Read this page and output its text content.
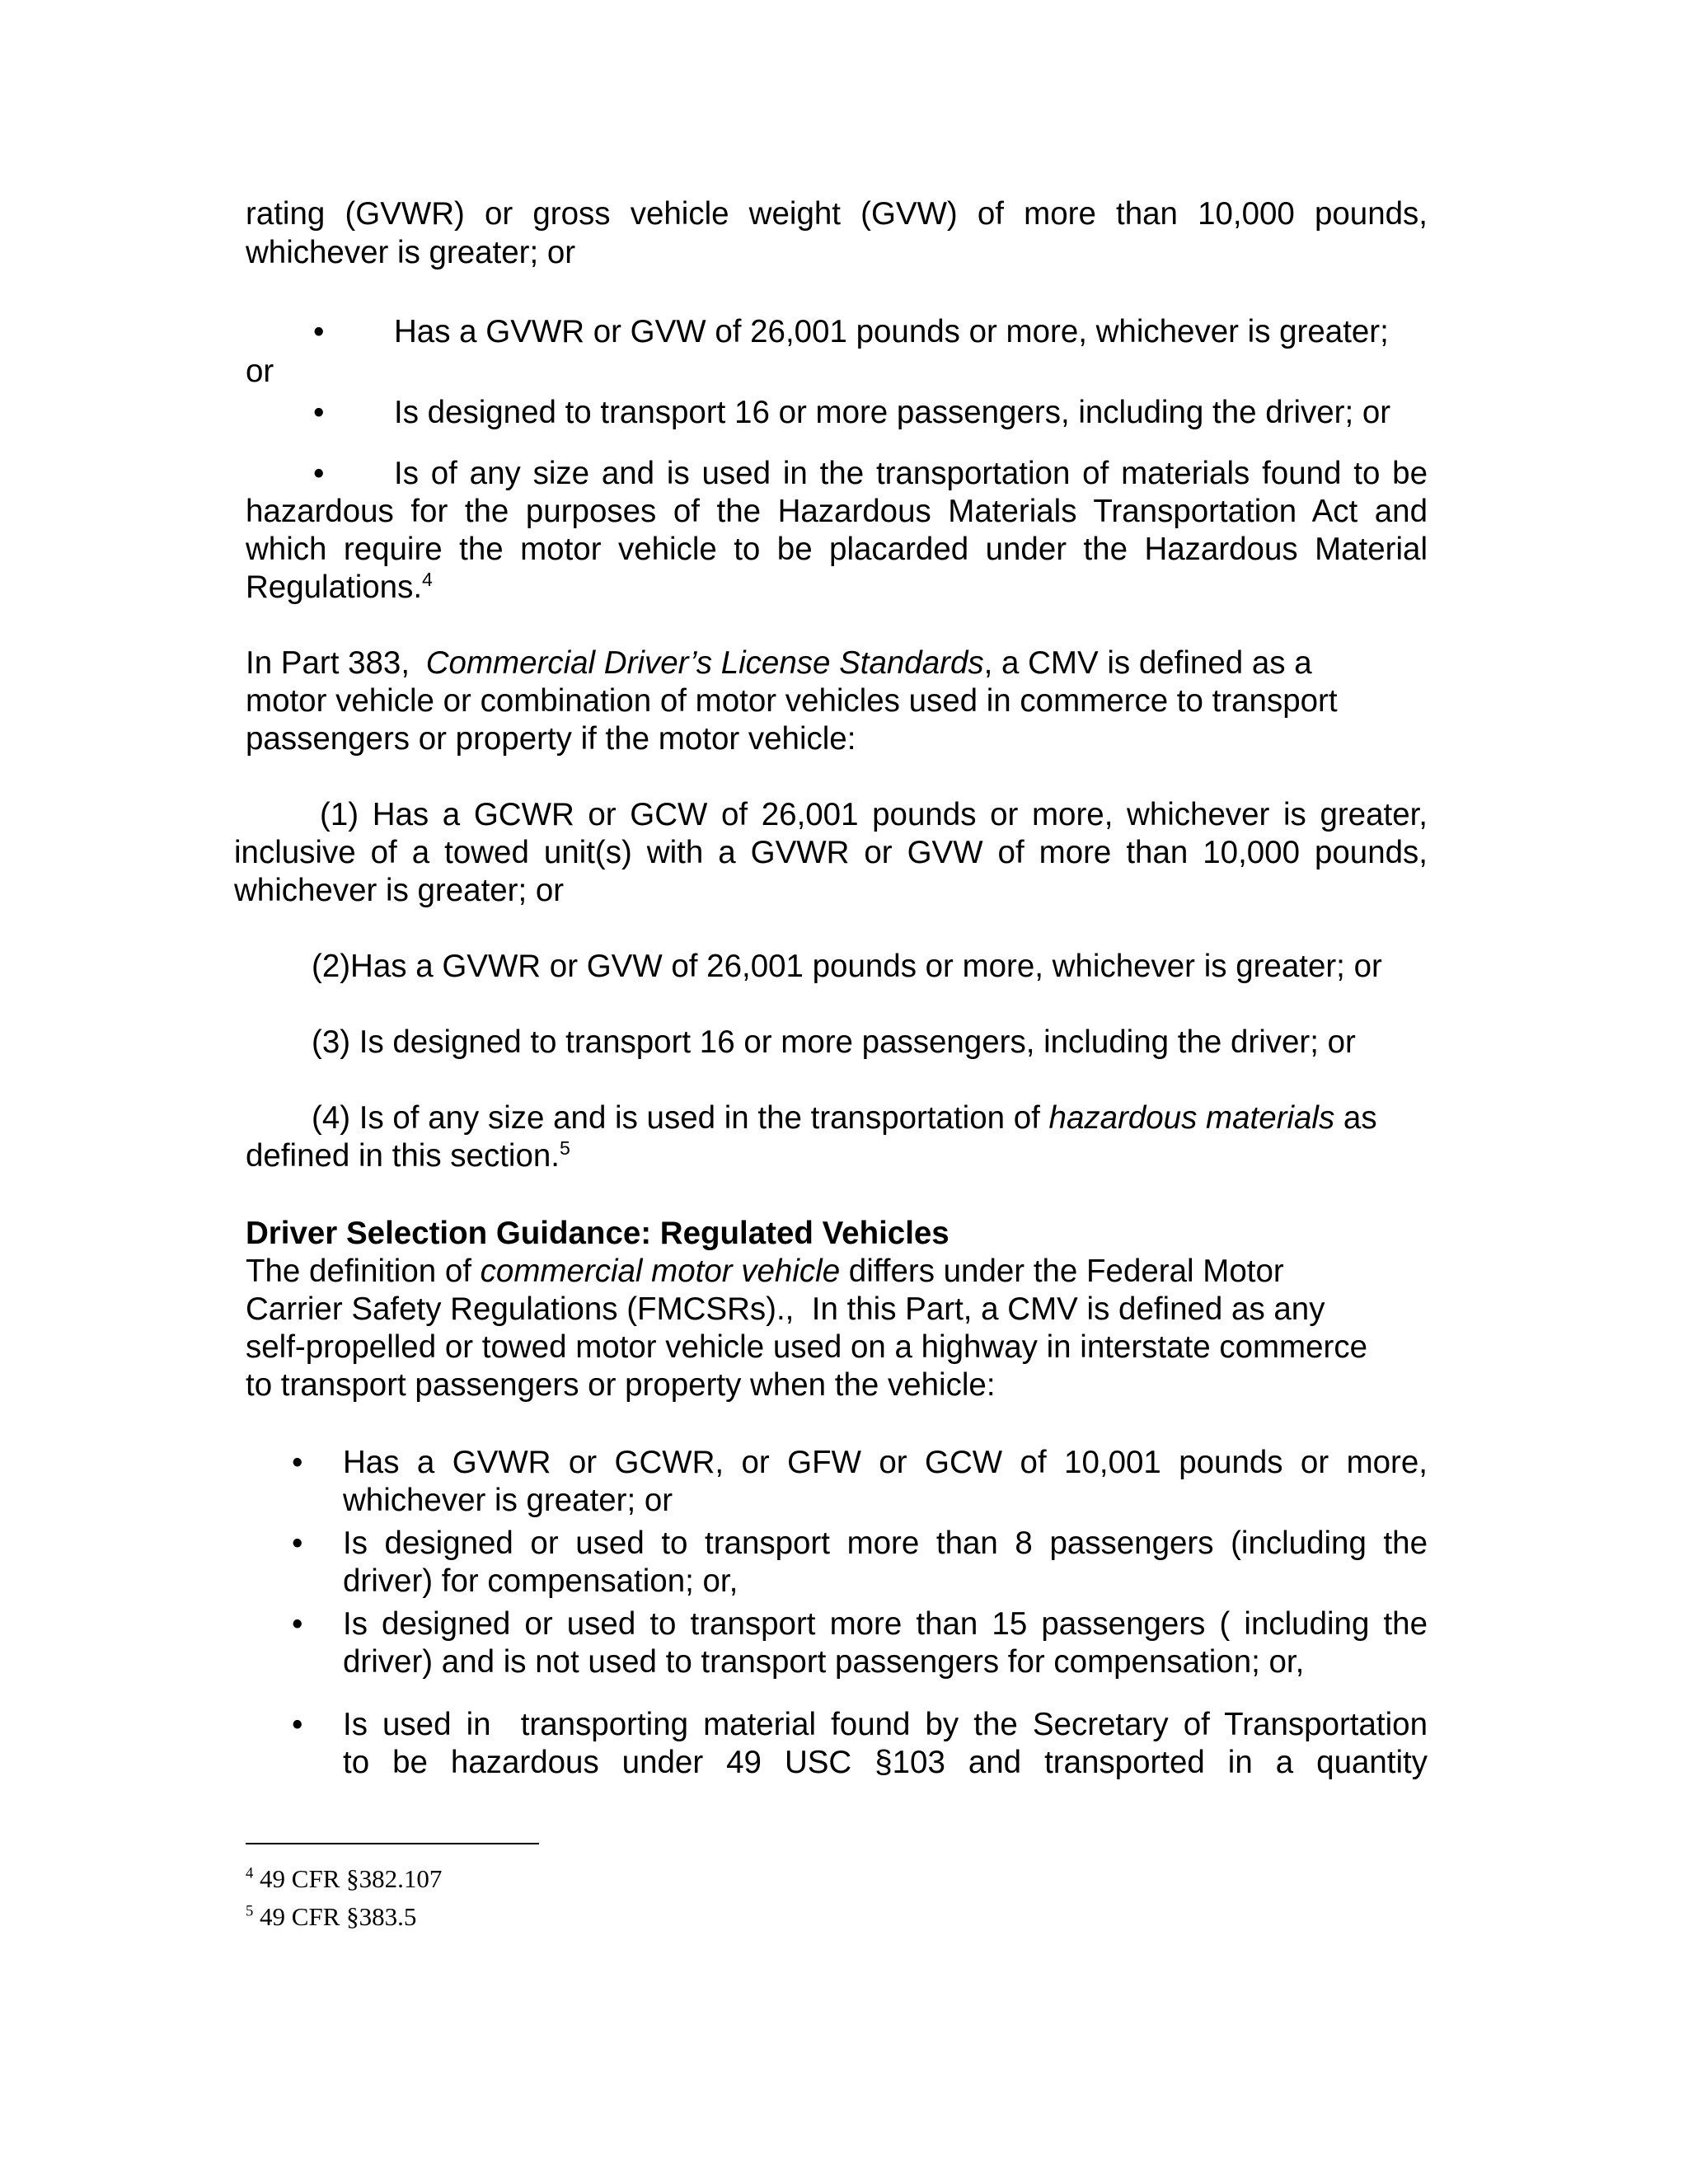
rating (GVWR) or gross vehicle weight (GVW) of more than 10,000 pounds,
whichever is greater; or
• Has a GVWR or GVW of 26,001 pounds or more, whichever is greater;
or
• Is designed to transport 16 or more passengers, including the driver; or
• Is of any size and is used in the transportation of materials found to be
hazardous for the purposes of the Hazardous Materials Transportation Act and
which require the motor vehicle to be placarded under the Hazardous Material
Regulations.$^4$
In Part 383, Commercial Driver’s License Standards, a CMV is defined as a
motor vehicle or combination of motor vehicles used in commerce to transport
passengers or property if the motor vehicle:
(1) Has a GCWR or GCW of 26,001 pounds or more, whichever is greater,
inclusive of a towed unit(s) with a GVWR or GVW of more than 10,000 pounds,
whichever is greater; or
(2)Has a GVWR or GVW of 26,001 pounds or more, whichever is greater; or
(3) Is designed to transport 16 or more passengers, including the driver; or
(4) Is of any size and is used in the transportation of hazardous materials as
defined in this section.$^5$
Driver Selection Guidance: Regulated Vehicles
The definition of commercial motor vehicle differs under the Federal Motor
Carrier Safety Regulations (FMCSRs).,  In this Part, a CMV is defined as any
self-propelled or towed motor vehicle used on a highway in interstate commerce
to transport passengers or property when the vehicle:
• Has a GVWR or GCWR, or GFW or GCW of 10,001 pounds or more,
whichever is greater; or
• Is designed or used to transport more than 8 passengers (including the
driver) for compensation; or,
• Is designed or used to transport more than 15 passengers ( including the
driver) and is not used to transport passengers for compensation; or,
• Is used in  transporting material found by the Secretary of Transportation
to be hazardous under 49 USC §103 and transported in a quantity
$^4$ 49 CFR §382.107
$^5$ 49 CFR §383.5
